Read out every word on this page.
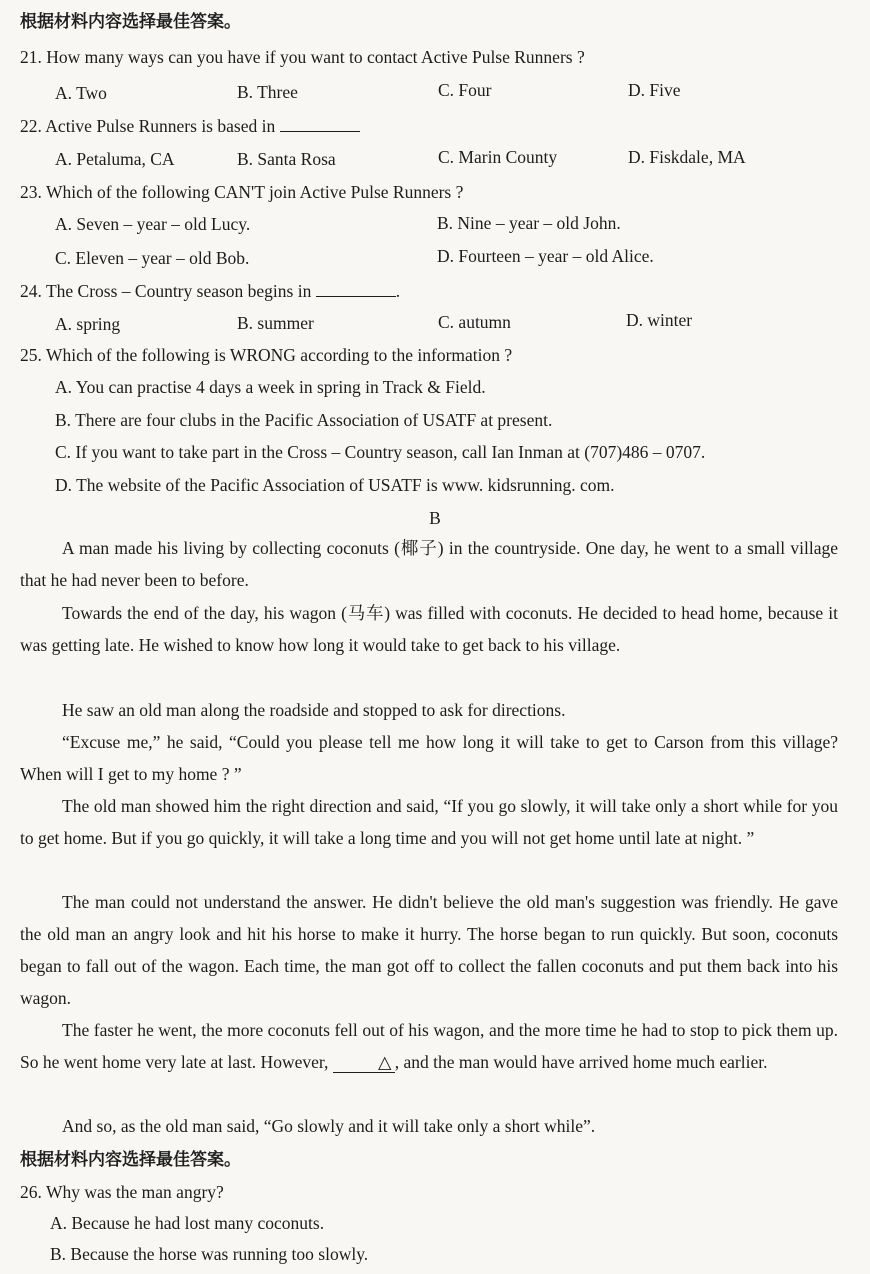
根据材料内容选择最佳答案。
21. How many ways can you have if you want to contact Active Pulse Runners ?
A. Two	B. Three	C. Four	D. Five
22. Active Pulse Runners is based in
A. Petaluma, CA	B. Santa Rosa	C. Marin County	D. Fiskdale, MA
23. Which of the following CAN'T join Active Pulse Runners ?
A. Seven – year – old Lucy.	B. Nine – year – old John.
C. Eleven – year – old Bob.	D. Fourteen – year – old Alice.
24. The Cross – Country season begins in	.
A. spring	B. summer	C. autumn	D. winter
25. Which of the following is WRONG according to the information ?
A. You can practise 4 days a week in spring in Track & Field.
B. There are four clubs in the Pacific Association of USATF at present.
C. If you want to take part in the Cross – Country season, call Ian Inman at (707)486 – 0707.
D. The website of the Pacific Association of USATF is www. kidsrunning. com.
B
A man made his living by collecting coconuts (椰子) in the countryside. One day, he went to a small village that he had never been to before.
Towards the end of the day, his wagon (马车) was filled with coconuts. He decided to head home, because it was getting late. He wished to know how long it would take to get back to his village.
He saw an old man along the roadside and stopped to ask for directions.
“Excuse me,” he said, “Could you please tell me how long it will take to get to Carson from this village? When will I get to my home ? ”
The old man showed him the right direction and said, “If you go slowly, it will take only a short while for you to get home. But if you go quickly, it will take a long time and you will not get home until late at night. ”
The man could not understand the answer. He didn't believe the old man's suggestion was friendly. He gave the old man an angry look and hit his horse to make it hurry. The horse began to run quickly. But soon, coconuts began to fall out of the wagon. Each time, the man got off to collect the fallen coconuts and put them back into his wagon.
The faster he went, the more coconuts fell out of his wagon, and the more time he had to stop to pick them up. So he went home very late at last. However,	△ , and the man would have arrived home much earlier.
And so, as the old man said, “Go slowly and it will take only a short while”.
根据材料内容选择最佳答案。
26. Why was the man angry?
A. Because he had lost many coconuts.
B. Because the horse was running too slowly.
